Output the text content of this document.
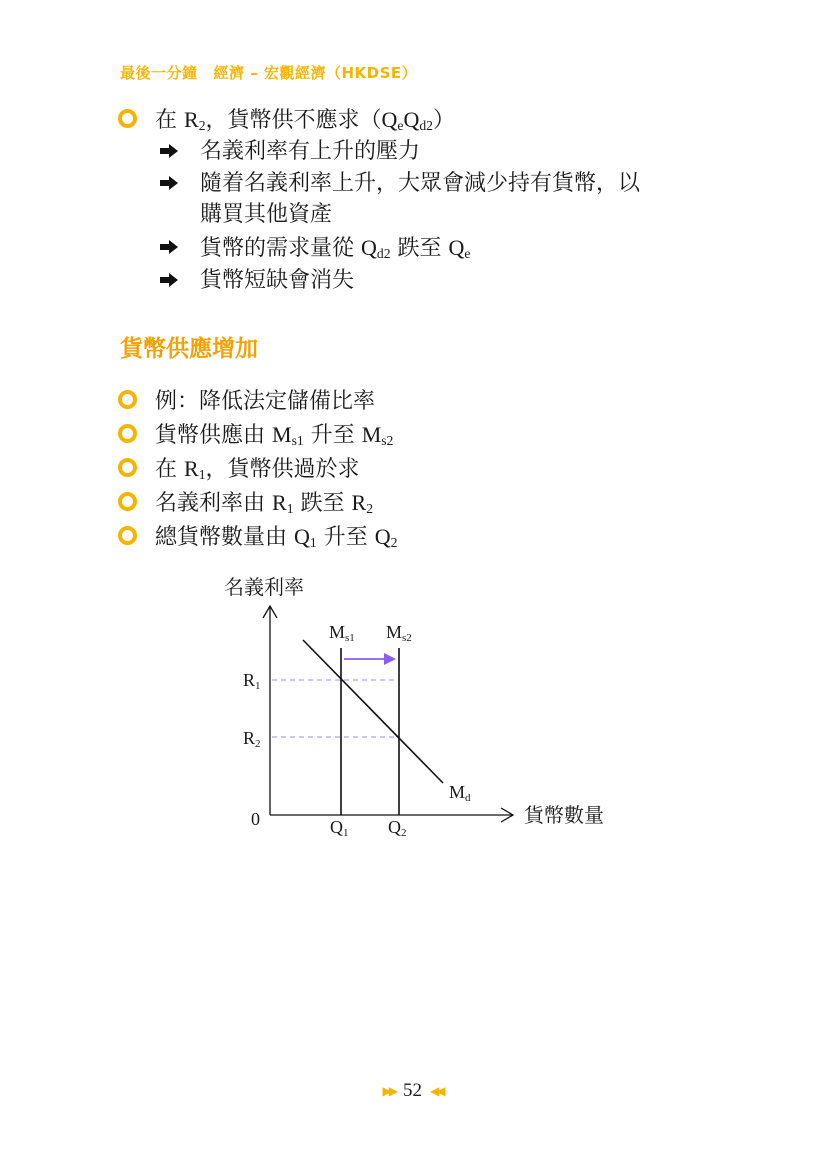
最後一分鐘 經濟 – 宏觀經濟（HKDSE）
在 R2，貨幣供不應求（QeQd2）
名義利率有上升的壓力
隨着名義利率上升，大眾會減少持有貨幣，以
購買其他資產
貨幣的需求量從 Qd2 跌至 Qe
貨幣短缺會消失
貨幣供應增加
例：降低法定儲備比率
貨幣供應由 Ms1 升至 Ms2
在 R1，貨幣供過於求
名義利率由 R1 跌至 R2
總貨幣數量由 Q1 升至 Q2
名義利率
貨幣數量
0
Ms1 Ms2
Md
R1
R2
Q1 Q2
▶▶ 52 ◀◀
